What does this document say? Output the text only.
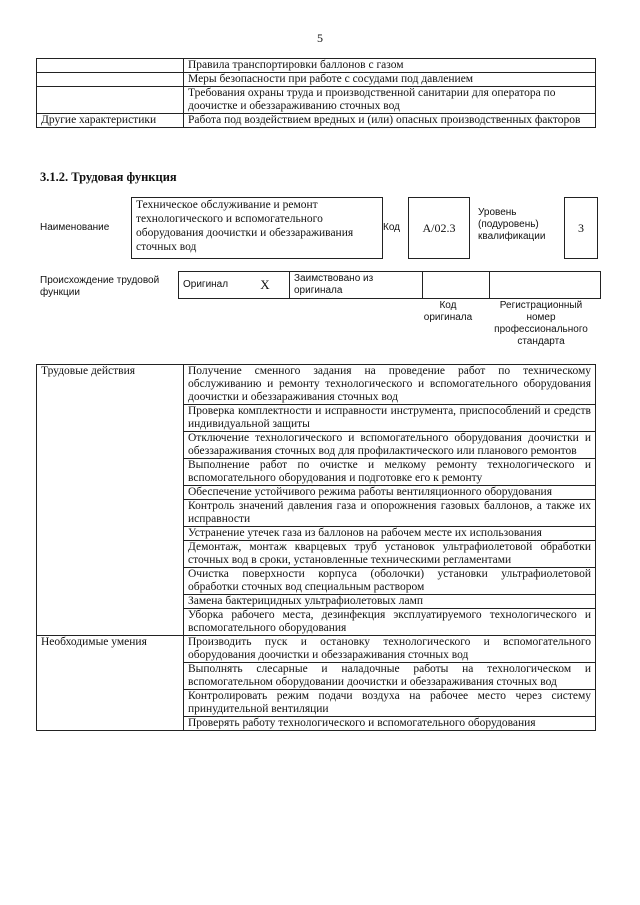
5
	Правила транспортировки баллонов с газом
	Меры безопасности при работе с сосудами под давлением
	Требования охраны труда и производственной санитарии для оператора по доочистке и обеззараживанию сточных вод
Другие характеристики	Работа под воздействием вредных и (или) опасных производственных факторов
3.1.2. Трудовая функция
Наименование
Техническое обслуживание и ремонт технологического и вспомогательного оборудования доочистки и обеззараживания сточных вод
Код	А/02.3
Уровень (подуровень) квалификации
3
Происхождение трудовой функции
Оригинал	X	Заимствовано из оригинала		
Код оригинала
Регистрационный номер профессионального стандарта
Трудовые действия	Получение сменного задания на проведение работ по техническому обслуживанию и ремонту технологического и вспомогательного оборудования доочистки и обеззараживания сточных вод
	Проверка комплектности и исправности инструмента, приспособлений и средств индивидуальной защиты
	Отключение технологического и вспомогательного оборудования доочистки и обеззараживания сточных вод для профилактического или планового ремонтов
	Выполнение работ по очистке и мелкому ремонту технологического и вспомогательного оборудования и подготовке его к ремонту
	Обеспечение устойчивого режима работы вентиляционного оборудования
	Контроль значений давления газа и опорожнения газовых баллонов, а также их исправности
	Устранение утечек газа из баллонов на рабочем месте их использования
	Демонтаж, монтаж кварцевых труб установок ультрафиолетовой обработки сточных вод в сроки, установленные техническими регламентами
	Очистка поверхности корпуса (оболочки) установки ультрафиолетовой обработки сточных вод специальным раствором
	Замена бактерицидных ультрафиолетовых ламп
	Уборка рабочего места, дезинфекция эксплуатируемого технологического и вспомогательного оборудования
Необходимые умения	Производить пуск и остановку технологического и вспомогательного оборудования доочистки и обеззараживания сточных вод
	Выполнять слесарные и наладочные работы на технологическом и вспомогательном оборудовании доочистки и обеззараживания сточных вод
	Контролировать режим подачи воздуха на рабочее место через систему принудительной вентиляции
	Проверять работу технологического и вспомогательного оборудования
